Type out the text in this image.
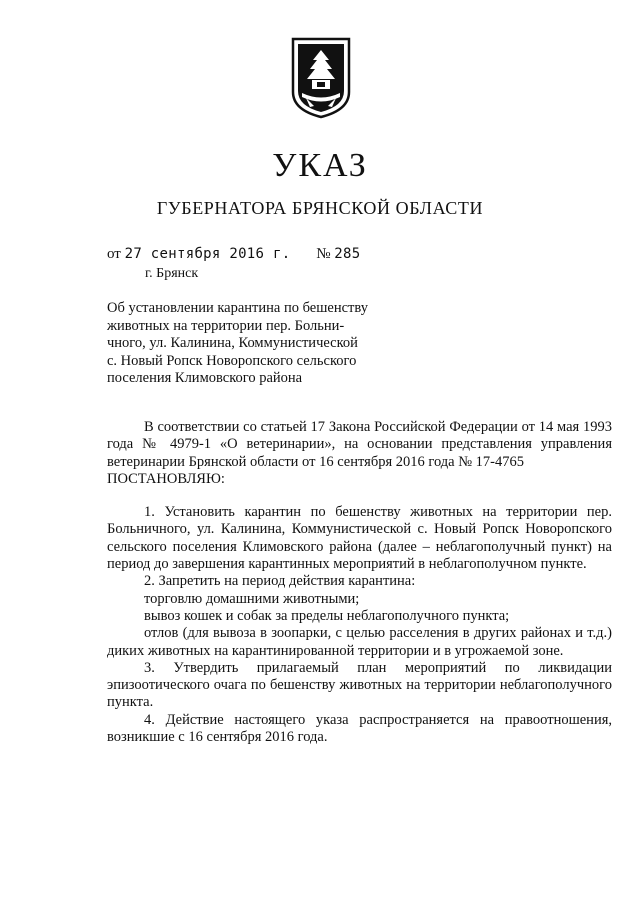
УКАЗ
ГУБЕРНАТОРА БРЯНСКОЙ ОБЛАСТИ
от 27 сентября 2016 г. № 285
г. Брянск

Об установлении карантина по бешенству

животных на территории пер. Больни-

чного, ул. Калинина, Коммунистической

с. Новый Ропск Новоропского сельского

поселения Климовского района

В соответствии со статьей 17 Закона Российской Федерации от 14 мая 1993 года № 4979-1 «О ветеринарии», на основании представления управления ветеринарии Брянской области от 16 сентября 2016 года № 17-4765

ПОСТАНОВЛЯЮ:

1. Установить карантин по бешенству животных на территории пер. Больничного, ул. Калинина, Коммунистической с. Новый Ропск Новоропского сельского поселения Климовского района (далее – неблагополучный пункт) на период до завершения карантинных мероприятий в неблагополучном пункте.

2. Запретить на период действия карантина:

торговлю домашними животными;

вывоз кошек и собак за пределы неблагополучного пункта;

отлов (для вывоза в зоопарки, с целью расселения в других районах и т.д.) диких животных на карантинированной территории и в угрожаемой зоне.

3. Утвердить прилагаемый план мероприятий по ликвидации эпизоотического очага по бешенству животных на территории неблагополучного пункта.

4. Действие настоящего указа распространяется на правоотношения, возникшие с 16 сентября 2016 года.
